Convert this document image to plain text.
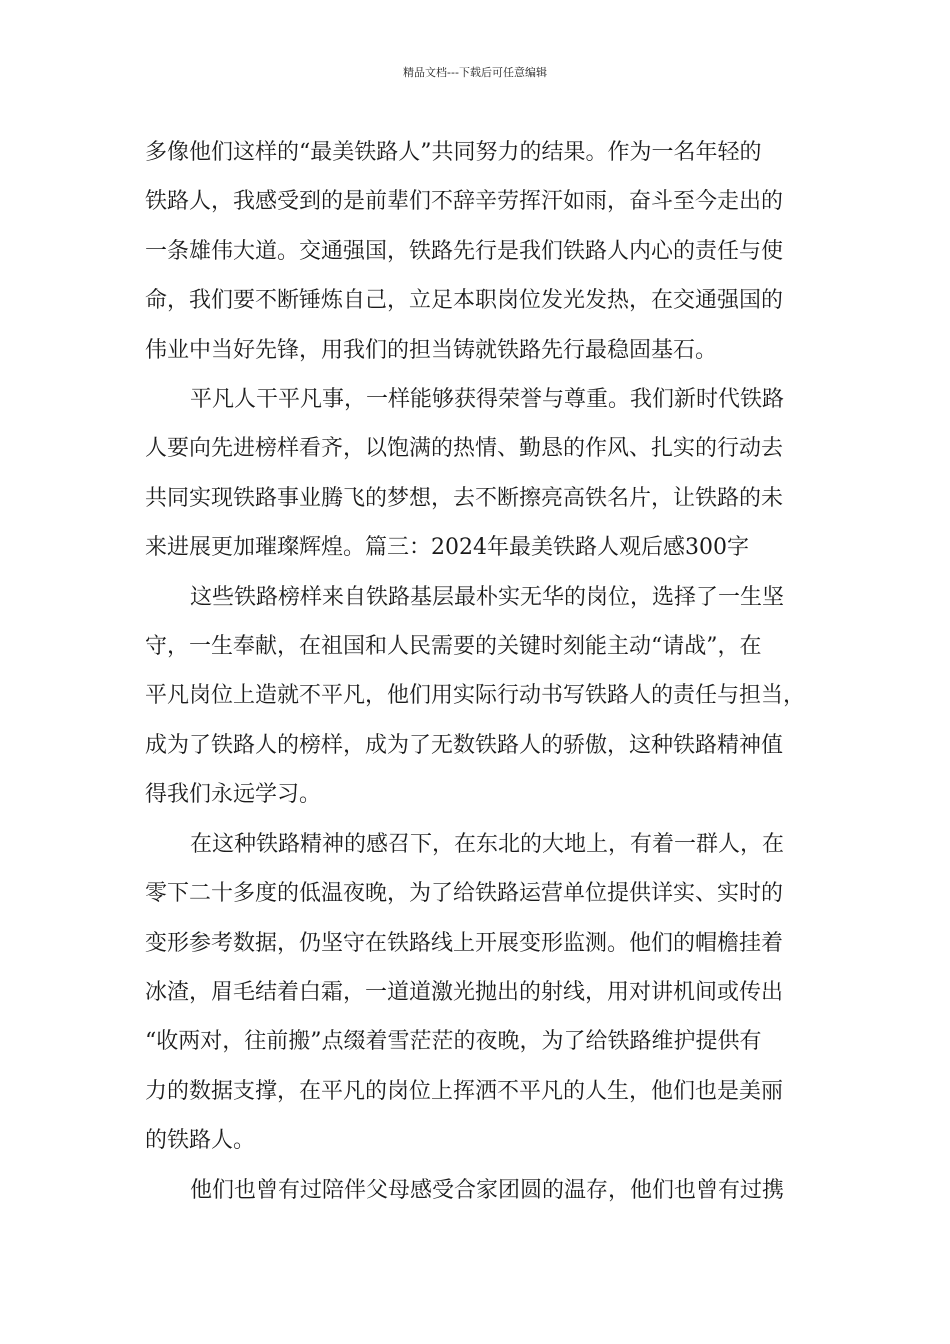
精品文档---下载后可任意编辑

多像他们这样的“最美铁路人”共同努力的结果。作为一名年轻的
铁路人，我感受到的是前辈们不辞辛劳挥汗如雨，奋斗至今走出的
一条雄伟大道。交通强国，铁路先行是我们铁路人内心的责任与使
命，我们要不断锤炼自己，立足本职岗位发光发热，在交通强国的
伟业中当好先锋，用我们的担当铸就铁路先行最稳固基石。

平凡人干平凡事，一样能够获得荣誉与尊重。我们新时代铁路
人要向先进榜样看齐，以饱满的热情、勤恳的作风、扎实的行动去
共同实现铁路事业腾飞的梦想，去不断擦亮高铁名片，让铁路的未
来进展更加璀璨辉煌。篇三：2024年最美铁路人观后感300字

这些铁路榜样来自铁路基层最朴实无华的岗位，选择了一生坚
守，一生奉献，在祖国和人民需要的关键时刻能主动“请战”，在
平凡岗位上造就不平凡，他们用实际行动书写铁路人的责任与担当，
成为了铁路人的榜样，成为了无数铁路人的骄傲，这种铁路精神值
得我们永远学习。

在这种铁路精神的感召下，在东北的大地上，有着一群人，在
零下二十多度的低温夜晚，为了给铁路运营单位提供详实、实时的
变形参考数据，仍坚守在铁路线上开展变形监测。他们的帽檐挂着
冰渣，眉毛结着白霜，一道道激光抛出的射线，用对讲机间或传出
“收两对，往前搬”点缀着雪茫茫的夜晚，为了给铁路维护提供有
力的数据支撑，在平凡的岗位上挥洒不平凡的人生，他们也是美丽
的铁路人。

他们也曾有过陪伴父母感受合家团圆的温存，他们也曾有过携
